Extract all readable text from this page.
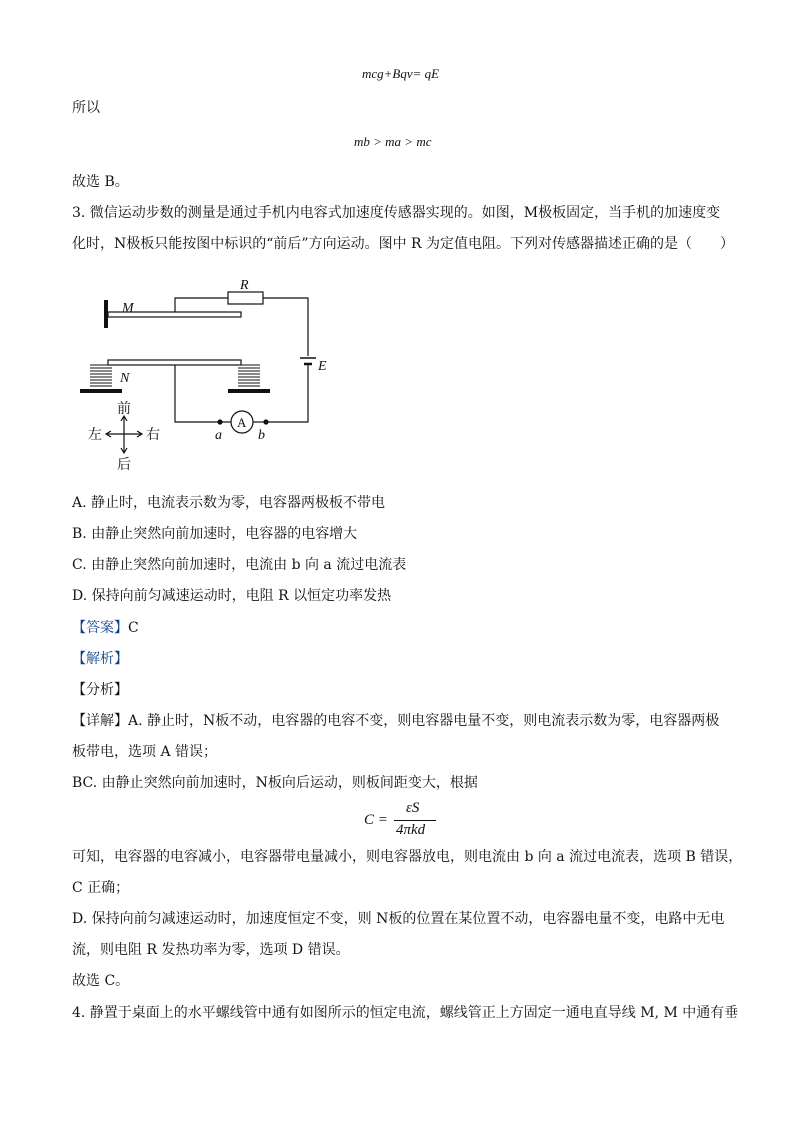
mcg+Bqv= qE
所以
mb > ma > mc
故选 B。
3. 微信运动步数的测量是通过手机内电容式加速度传感器实现的。如图，M极板固定，当手机的加速度变
化时，N极板只能按图中标识的“前后”方向运动。图中 R 为定值电阻。下列对传感器描述正确的是（　　）
M
R
N
E
A
a	b
前
后
左	右
A. 静止时，电流表示数为零，电容器两极板不带电
B. 由静止突然向前加速时，电容器的电容增大
C. 由静止突然向前加速时，电流由 b 向 a 流过电流表
D. 保持向前匀减速运动时，电阻 R 以恒定功率发热
【答案】C
【解析】
【分析】
【详解】A. 静止时，N板不动，电容器的电容不变，则电容器电量不变，则电流表示数为零，电容器两极
板带电，选项 A 错误；
BC. 由静止突然向前加速时，N板向后运动，则板间距变大，根据
C =
εS
4πkd
可知，电容器的电容减小，电容器带电量减小，则电容器放电，则电流由 b 向 a 流过电流表，选项 B 错误，
C 正确；
D. 保持向前匀减速运动时，加速度恒定不变，则 N板的位置在某位置不动，电容器电量不变，电路中无电
流，则电阻 R 发热功率为零，选项 D 错误。
故选 C。
4. 静置于桌面上的水平螺线管中通有如图所示的恒定电流，螺线管正上方固定一通电直导线 M, M 中通有垂
